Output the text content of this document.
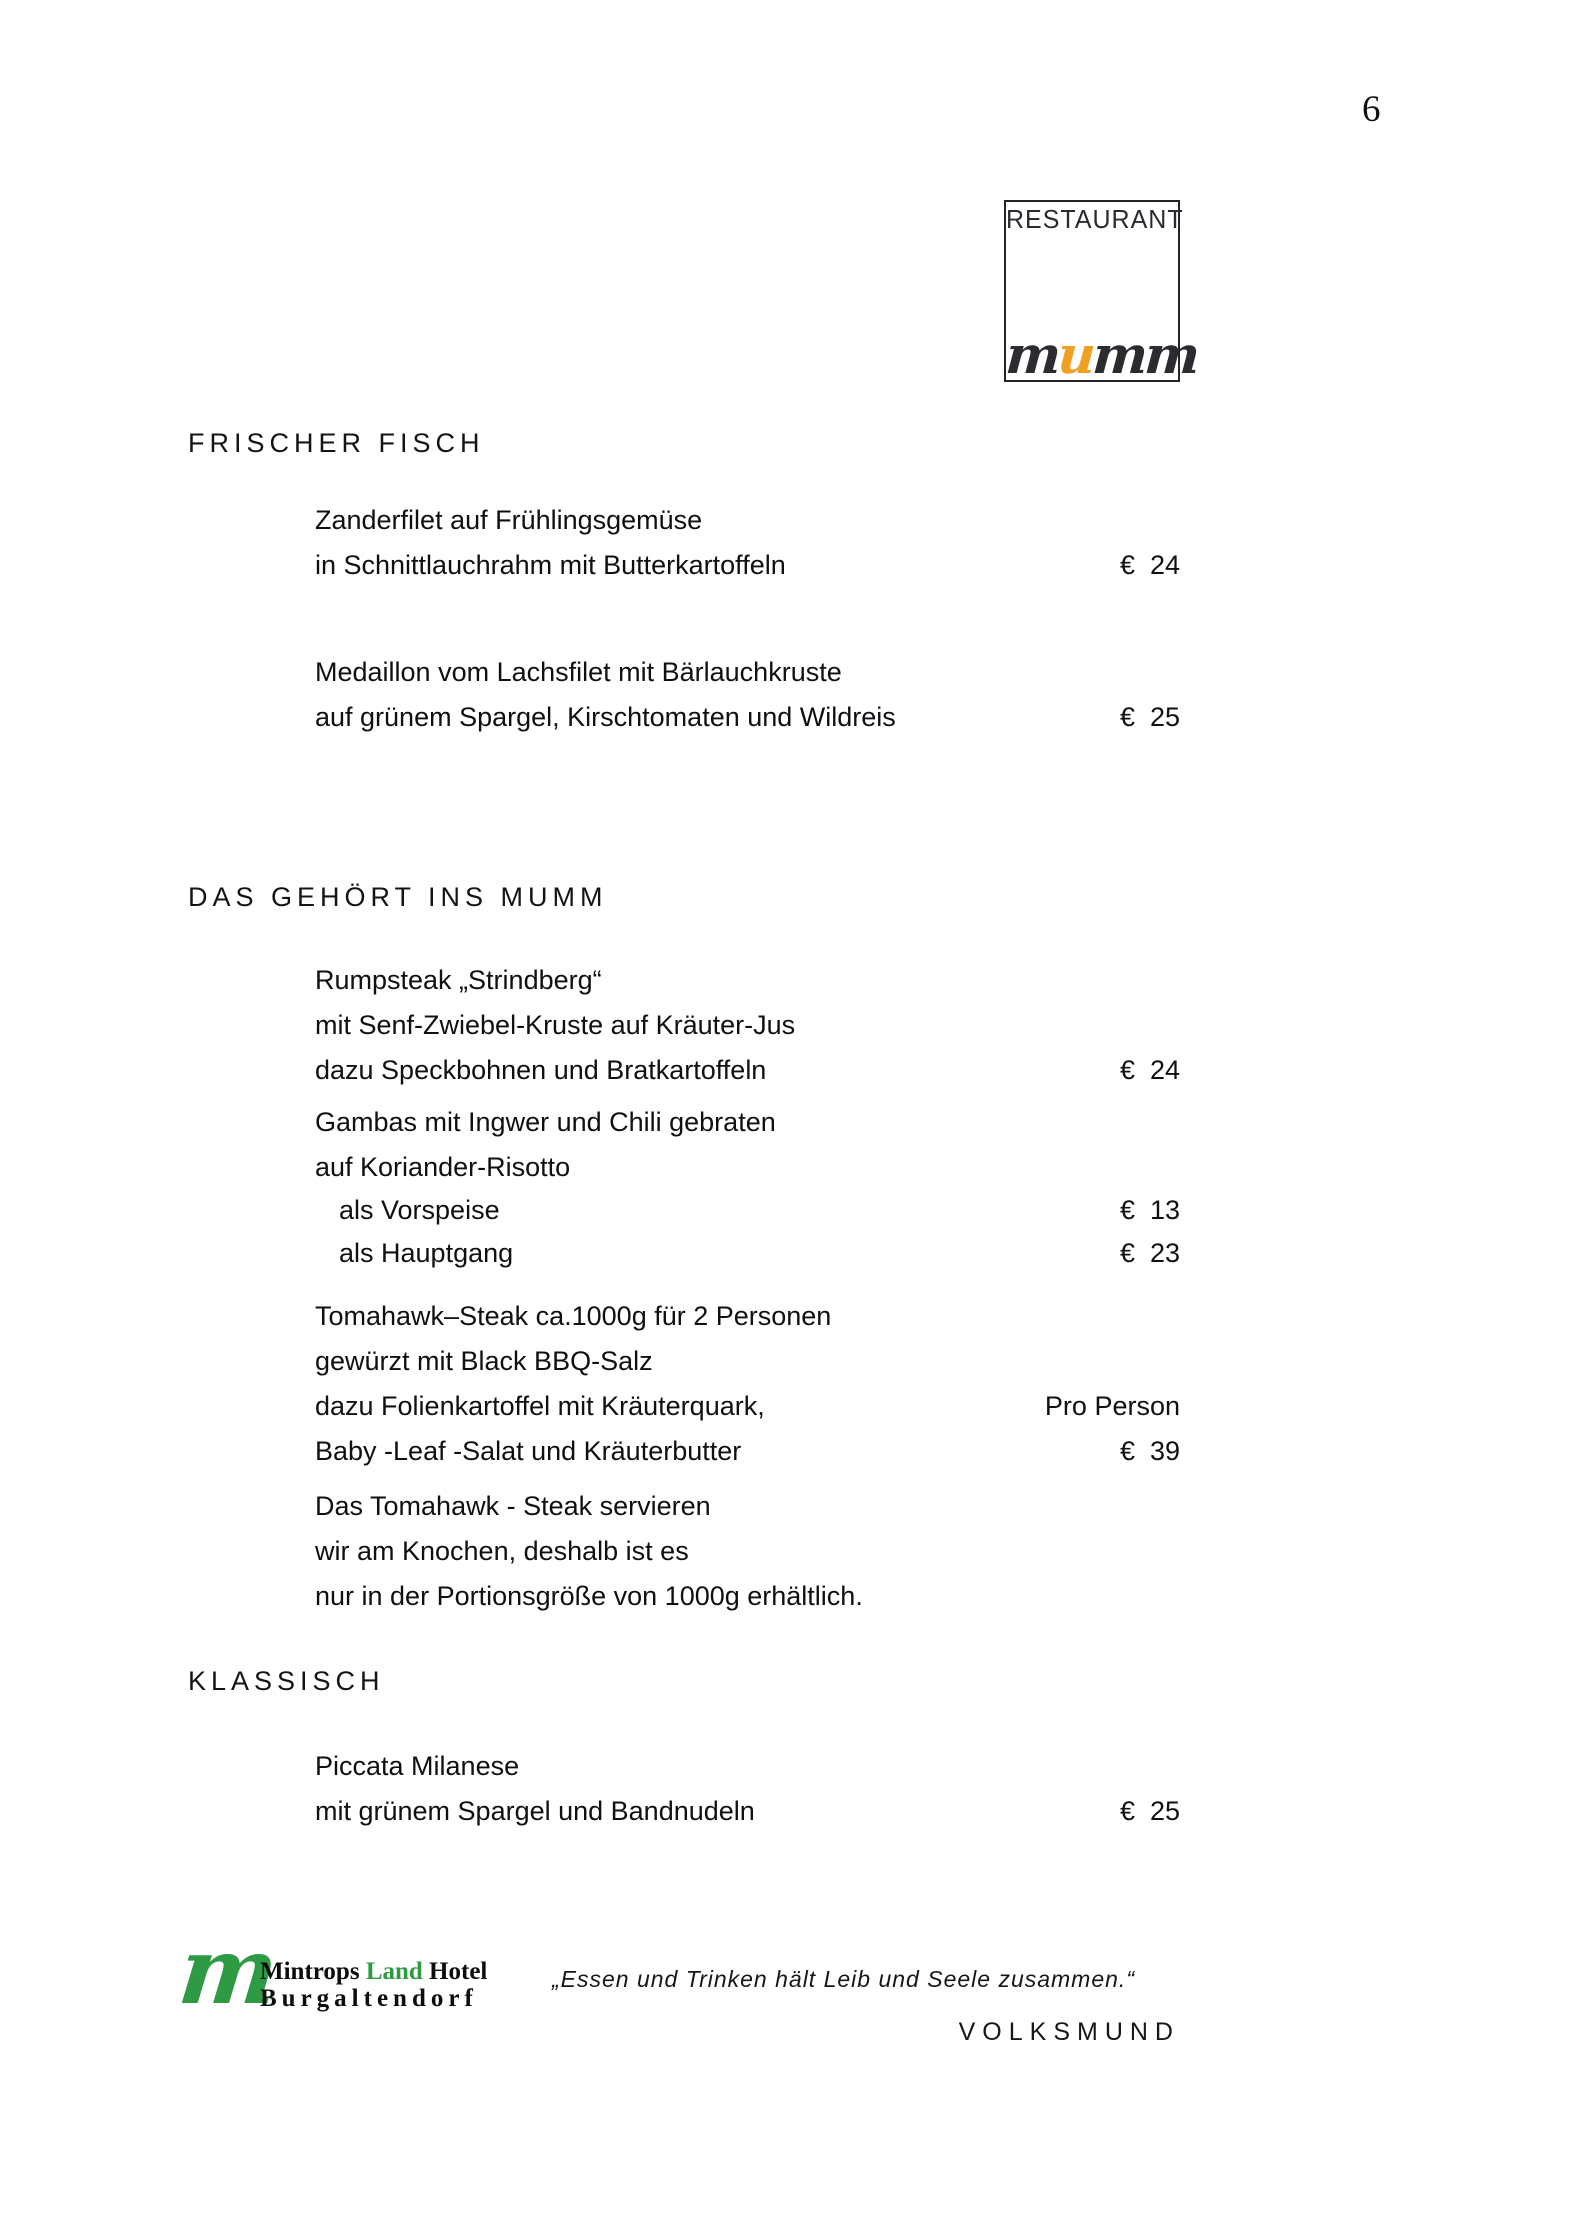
6
RESTAURANT
mumm
FRISCHER FISCH
Zanderfilet auf Frühlingsgemüse
in Schnittlauchrahm mit Butterkartoffeln	€  24
Medaillon vom Lachsfilet mit Bärlauchkruste
auf grünem Spargel, Kirschtomaten und Wildreis	€  25
DAS GEHÖRT INS MUMM
Rumpsteak „Strindberg“
mit Senf-Zwiebel-Kruste auf Kräuter-Jus
dazu Speckbohnen und Bratkartoffeln	€  24
Gambas mit Ingwer und Chili gebraten
auf Koriander-Risotto
als Vorspeise	€  13
als Hauptgang	€  23
Tomahawk–Steak ca.1000g für 2 Personen
gewürzt mit Black BBQ-Salz
dazu Folienkartoffel mit Kräuterquark,
Baby -Leaf -Salat und Kräuterbutter
Pro Person
€  39
Das Tomahawk - Steak servieren
wir am Knochen, deshalb ist es
nur in der Portionsgröße von 1000g erhältlich.
KLASSISCH
Piccata Milanese
mit grünem Spargel und Bandnudeln	€  25
m
Mintrops Land Hotel
Burgaltendorf
„Essen und Trinken hält Leib und Seele zusammen.“
VOLKSMUND
